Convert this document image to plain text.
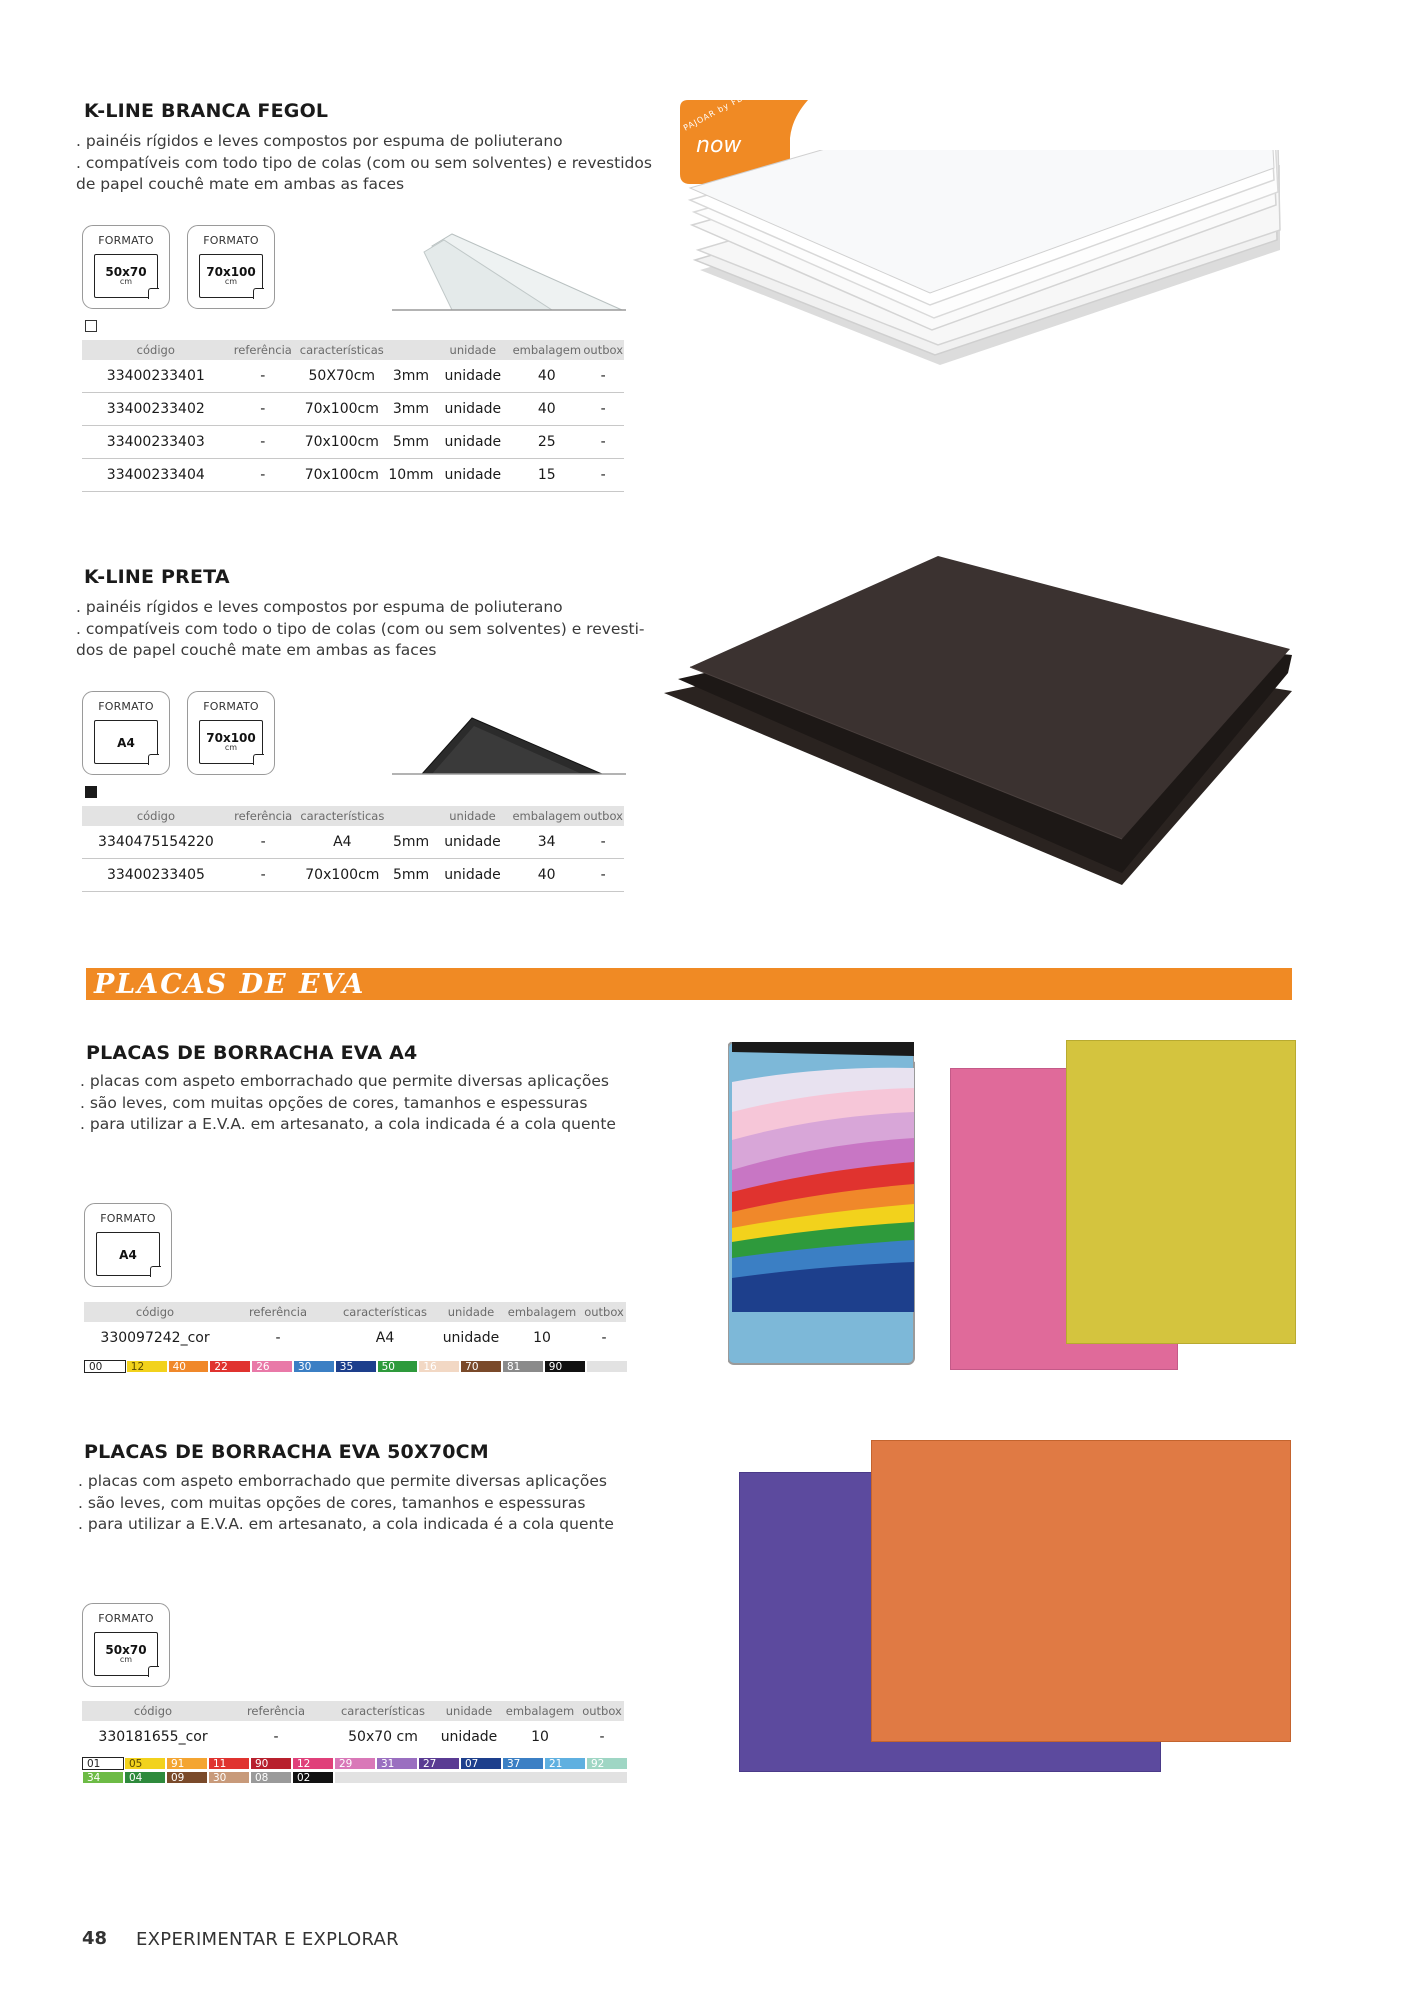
K-LINE BRANCA FEGOL
. painéis rígidos e leves compostos por espuma de poliuterano
. compatíveis com todo tipo de colas (com ou sem solventes) e revestidos
de papel couchê mate em ambas as faces
FORMATO
50x70
cm
FORMATO
70x100
cm
código	referência	características		unidade	embalagem	outbox
33400233401	-	50X70cm	3mm	unidade	40	-
33400233402	-	70x100cm	3mm	unidade	40	-
33400233403	-	70x100cm	5mm	unidade	25	-
33400233404	-	70x100cm	10mm	unidade	15	-
now
K-LINE PRETA
. painéis rígidos e leves compostos por espuma de poliuterano
. compatíveis com todo o tipo de colas (com ou sem solventes) e revesti-
dos de papel couchê mate em ambas as faces
FORMATO
A4
FORMATO
70x100
cm
código	referência	características		unidade	embalagem	outbox
3340475154220	-	A4	5mm	unidade	34	-
33400233405	-	70x100cm	5mm	unidade	40	-
PLACAS DE EVA
PLACAS DE BORRACHA EVA A4
. placas com aspeto emborrachado que permite diversas aplicações
. são leves, com muitas opções de cores, tamanhos e espessuras
. para utilizar a E.V.A. em artesanato, a cola indicada é a cola quente
FORMATO
A4
código	referência	características	unidade	embalagem	outbox
330097242_cor	-	A4	unidade	10	-
00	12	40	22	26	30	35	50	16	70	81	90
PLACAS DE BORRACHA EVA 50X70CM
. placas com aspeto emborrachado que permite diversas aplicações
. são leves, com muitas opções de cores, tamanhos e espessuras
. para utilizar a E.V.A. em artesanato, a cola indicada é a cola quente
FORMATO
50x70
cm
código	referência	características	unidade	embalagem	outbox
330181655_cor	-	50x70 cm	unidade	10	-
01	05	91	11	90	12	29	31	27	07	37	21	92
34	04	09	30	08	02
48 EXPERIMENTAR E EXPLORAR
